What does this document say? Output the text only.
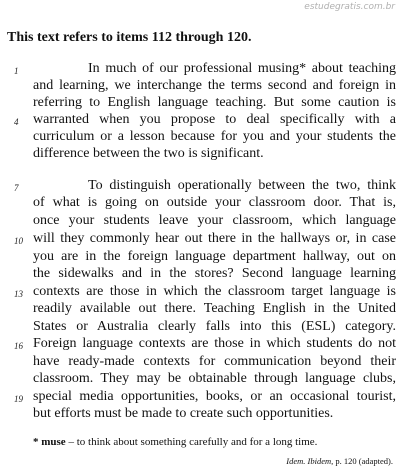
estudegratis.com.br
This text refers to items 112 through 120.
1
4
7
10
13
16
19
In much of our professional musing* about teaching
and learning, we interchange the terms second and foreign in
referring to English language teaching. But some caution is
warranted when you propose to deal specifically with a
curriculum or a lesson because for you and your students the
difference between the two is significant.
To distinguish operationally between the two, think
of what is going on outside your classroom door. That is,
once your students leave your classroom, which language
will they commonly hear out there in the hallways or, in case
you are in the foreign language department hallway, out on
the sidewalks and in the stores? Second language learning
contexts are those in which the classroom target language is
readily available out there. Teaching English in the United
States or Australia clearly falls into this (ESL) category.
Foreign language contexts are those in which students do not
have ready-made contexts for communication beyond their
classroom. They may be obtainable through language clubs,
special media opportunities, books, or an occasional tourist,
but efforts must be made to create such opportunities.
* muse – to think about something carefully and for a long time.
Idem. Ibidem, p. 120 (adapted).
